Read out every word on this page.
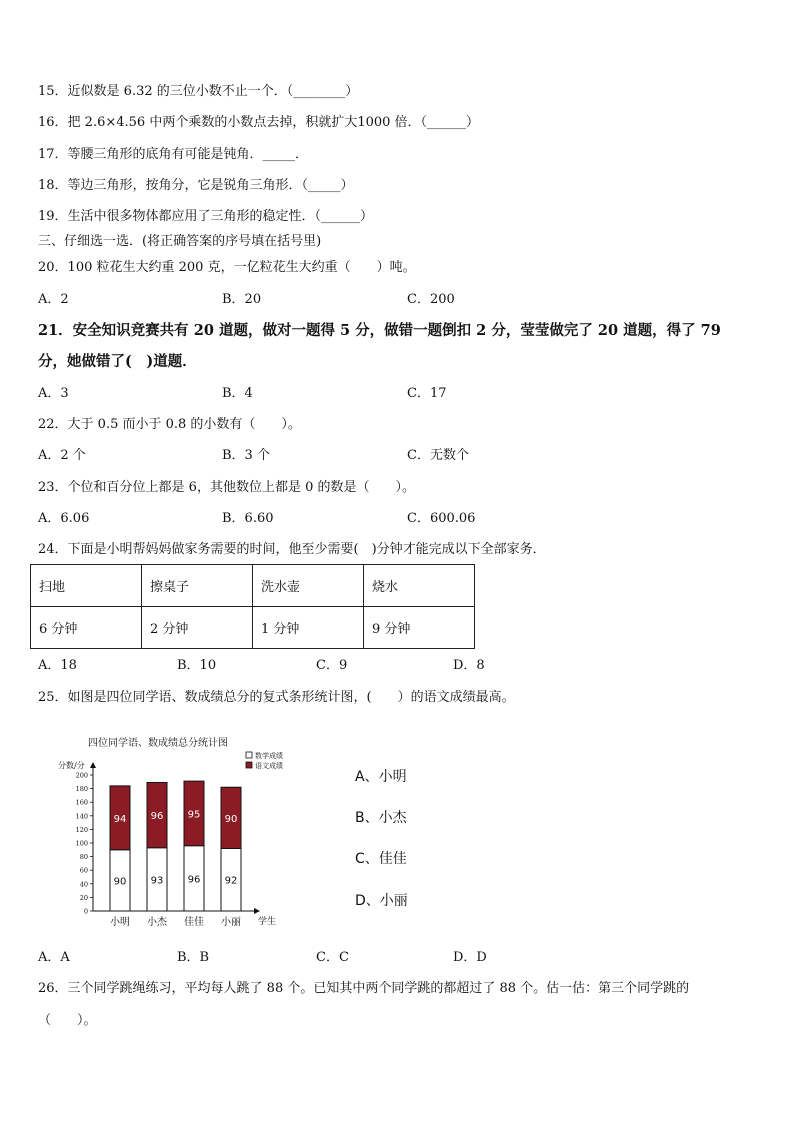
15．近似数是 6.32 的三位小数不止一个．（________）
16．把 2.6×4.56 中两个乘数的小数点去掉，积就扩大1000 倍．（______）
17．等腰三角形的底角有可能是钝角．_____．
18．等边三角形，按角分，它是锐角三角形．（_____）
19．生活中很多物体都应用了三角形的稳定性．（______）
三、仔细选一选．(将正确答案的序号填在括号里)
20．100 粒花生大约重 200 克，一亿粒花生大约重（　　）吨。
A．2	B．20	C．200
21．安全知识竞赛共有 20 道题，做对一题得 5 分，做错一题倒扣 2 分，莹莹做完了 20 道题，得了 79
分，她做错了(　)道题．
A．3	B．4	C．17
22．大于 0.5 而小于 0.8 的小数有（　　）。
A．2 个	B．3 个	C．无数个
23．个位和百分位上都是 6，其他数位上都是 0 的数是（　　）。
A．6.06	B．6.60	C．600.06
24．下面是小明帮妈妈做家务需要的时间，他至少需要(　)分钟才能完成以下全部家务．
扫地	擦桌子	洗水壶	烧水
6 分钟	2 分钟	1 分钟	9 分钟
A．18	B．10	C．9	D．8
25．如图是四位同学语、数成绩总分的复式条形统计图，(　　）的语文成绩最高。
四位同学语、数成绩总分统计图
分数/分
学生
0
20
40
60
80
100
120
140
160
180
200
数学成绩
语文成绩
90
94
小明
93
96
小杰
96
95
佳佳
92
90
小丽
A、小明
B、小杰
C、佳佳
D、小丽
A．A	B．B	C．C	D．D
26．三个同学跳绳练习，平均每人跳了 88 个。已知其中两个同学跳的都超过了 88 个。估一估：第三个同学跳的
（　　）。
